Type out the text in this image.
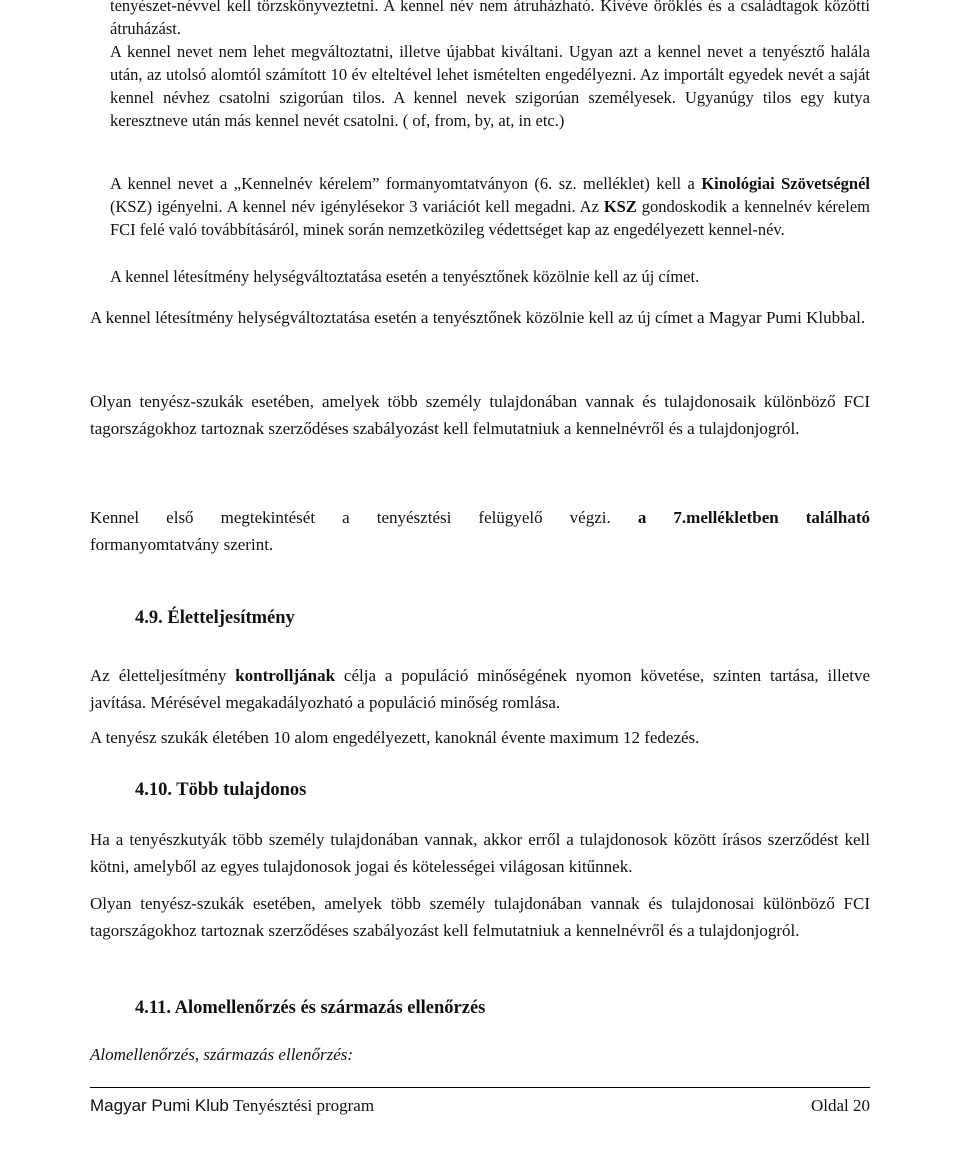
tenyészet-névvel kell törzskönyveztetni. A kennel név nem átruházható. Kivéve öröklés és a családtagok közötti átruházást.
A kennel nevet nem lehet megváltoztatni, illetve újabbat kiváltani. Ugyan azt a kennel nevet a tenyésztő halála után, az utolsó alomtól számított 10 év elteltével lehet ismételten engedélyezni. Az importált egyedek nevét a saját kennel névhez csatolni szigorúan tilos. A kennel nevek szigorúan személyesek. Ugyanúgy tilos egy kutya keresztneve után más kennel nevét csatolni. ( of, from, by, at, in etc.)
A kennel nevet a „Kennelnév kérelem” formanyomtatványon (6. sz. melléklet) kell a Kinológiai Szövetségnél (KSZ) igényelni. A kennel név igénylésekor 3 variációt kell megadni. Az KSZ gondoskodik a kennelnév kérelem FCI felé való továbbításáról, minek során nemzetközileg védettséget kap az engedélyezett kennel-név.
A kennel létesítmény helységváltoztatása esetén a tenyésztőnek közölnie kell az új címet.
A kennel létesítmény helységváltoztatása esetén a tenyésztőnek közölnie kell az új címet a Magyar Pumi Klubbal.
Olyan tenyész-szukák esetében, amelyek több személy tulajdonában vannak és tulajdonosaik különböző FCI tagországokhoz tartoznak szerződéses szabályozást kell felmutatniuk a kennelnévről és a tulajdonjogról.
Kennel első megtekintését a tenyésztési felügyelő végzi. a 7.mellékletben található
formanyomtatvány szerint.
4.9. Életteljesítmény
Az életteljesítmény kontrolljának célja a populáció minőségének nyomon követése, szinten tartása, illetve javítása. Mérésével megakadályozható a populáció minőség romlása.
A tenyész szukák életében 10 alom engedélyezett, kanoknál évente maximum 12 fedezés.
4.10. Több tulajdonos
Ha a tenyészkutyák több személy tulajdonában vannak, akkor erről a tulajdonosok között írásos szerződést kell kötni, amelyből az egyes tulajdonosok jogai és kötelességei világosan kitűnnek.
Olyan tenyész-szukák esetében, amelyek több személy tulajdonában vannak és tulajdonosai különböző FCI tagországokhoz tartoznak szerződéses szabályozást kell felmutatniuk a kennelnévről és a tulajdonjogról.
4.11. Alomellenőrzés és származás ellenőrzés
Alomellenőrzés, származás ellenőrzés:
Magyar Pumi Klub Tenyésztési program	Oldal 20
